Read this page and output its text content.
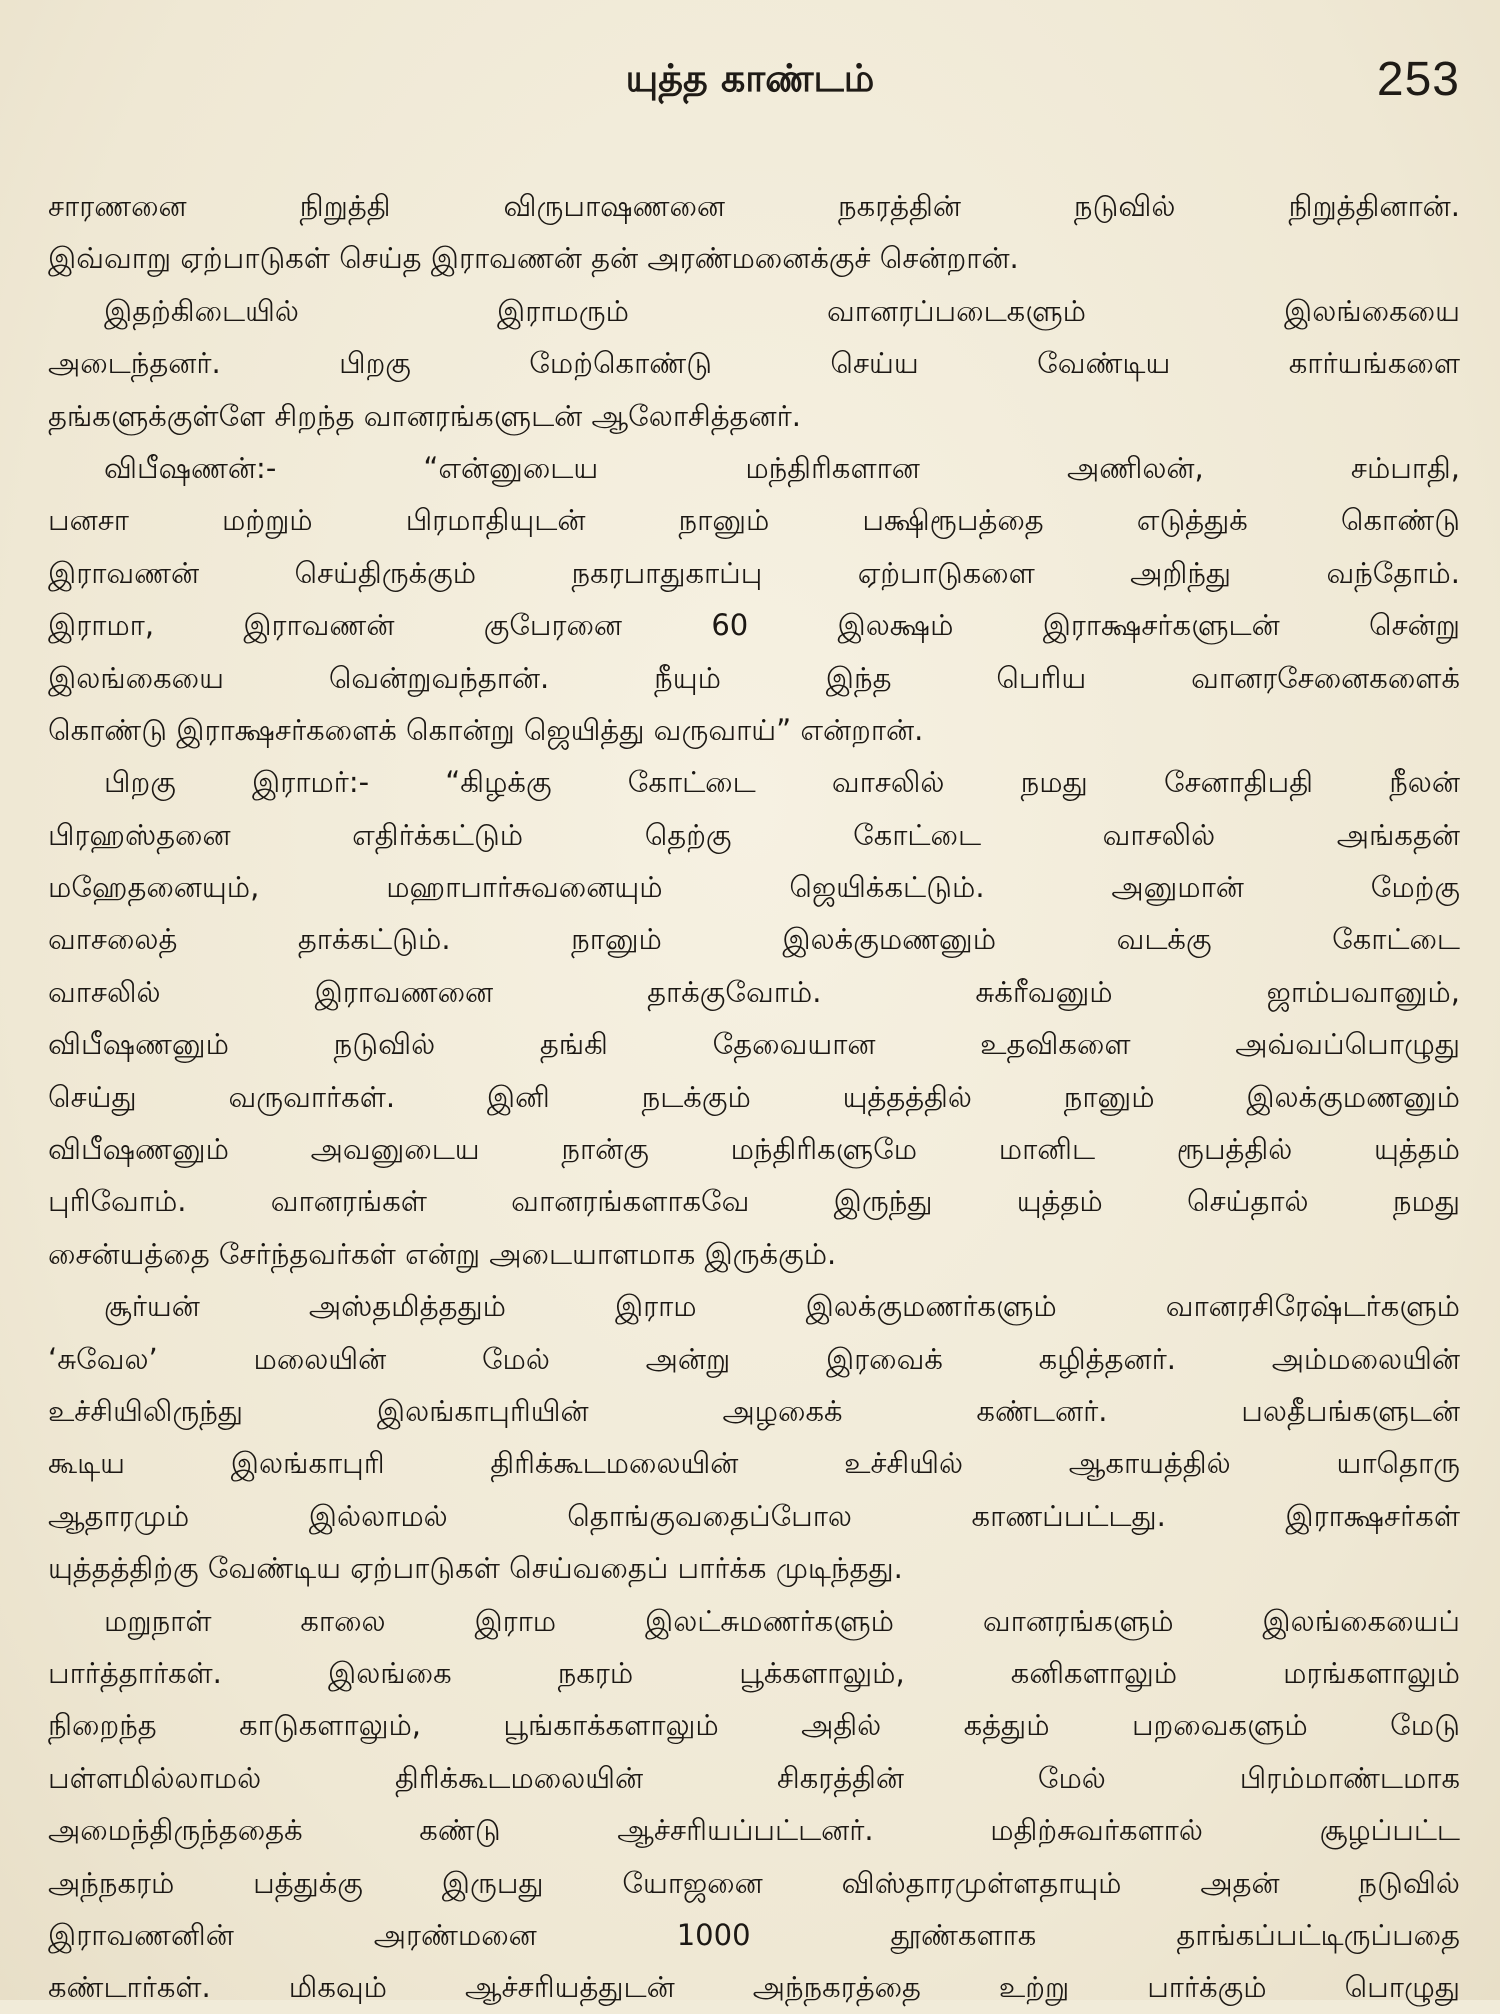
யுத்த காண்டம்	253
சாரணனை நிறுத்தி விருபாஷணனை நகரத்தின் நடுவில் நிறுத்தினான்.
இவ்வாறு ஏற்பாடுகள் செய்த இராவணன் தன் அரண்மனைக்குச் சென்றான்.
இதற்கிடையில் இராமரும் வானரப்படைகளும் இலங்கையை
அடைந்தனர். பிறகு மேற்கொண்டு செய்ய வேண்டிய கார்யங்களை
தங்களுக்குள்ளே சிறந்த வானரங்களுடன் ஆலோசித்தனர்.
விபீஷணன்:- “என்னுடைய மந்திரிகளான அணிலன், சம்பாதி,
பனசா மற்றும் பிரமாதியுடன் நானும் பக்ஷிரூபத்தை எடுத்துக் கொண்டு
இராவணன் செய்திருக்கும் நகரபாதுகாப்பு ஏற்பாடுகளை அறிந்து வந்தோம்.
இராமா, இராவணன் குபேரனை 60 இலக்ஷம் இராக்ஷசர்களுடன் சென்று
இலங்கையை வென்றுவந்தான். நீயும் இந்த பெரிய வானரசேனைகளைக்
கொண்டு இராக்ஷசர்களைக் கொன்று ஜெயித்து வருவாய்” என்றான்.
பிறகு இராமர்:- “கிழக்கு கோட்டை வாசலில் நமது சேனாதிபதி நீலன்
பிரஹஸ்தனை எதிர்க்கட்டும் தெற்கு கோட்டை வாசலில் அங்கதன்
மஹேதனையும், மஹாபார்சுவனையும் ஜெயிக்கட்டும். அனுமான் மேற்கு
வாசலைத் தாக்கட்டும். நானும் இலக்குமணனும் வடக்கு கோட்டை
வாசலில் இராவணனை தாக்குவோம். சுக்ரீவனும் ஜாம்பவானும்,
விபீஷணனும் நடுவில் தங்கி தேவையான உதவிகளை அவ்வப்பொழுது
செய்து வருவார்கள். இனி நடக்கும் யுத்தத்தில் நானும் இலக்குமணனும்
விபீஷணனும் அவனுடைய நான்கு மந்திரிகளுமே மானிட ரூபத்தில் யுத்தம்
புரிவோம். வானரங்கள் வானரங்களாகவே இருந்து யுத்தம் செய்தால் நமது
சைன்யத்தை சேர்ந்தவர்கள் என்று அடையாளமாக இருக்கும்.
சூர்யன் அஸ்தமித்ததும் இராம இலக்குமணர்களும் வானரசிரேஷ்டர்களும்
‘சுவேல’ மலையின் மேல் அன்று இரவைக் கழித்தனர். அம்மலையின்
உச்சியிலிருந்து இலங்காபுரியின் அழகைக் கண்டனர். பலதீபங்களுடன்
கூடிய இலங்காபுரி திரிக்கூடமலையின் உச்சியில் ஆகாயத்தில் யாதொரு
ஆதாரமும் இல்லாமல் தொங்குவதைப்போல காணப்பட்டது. இராக்ஷசர்கள்
யுத்தத்திற்கு வேண்டிய ஏற்பாடுகள் செய்வதைப் பார்க்க முடிந்தது.
மறுநாள் காலை இராம இலட்சுமணர்களும் வானரங்களும் இலங்கையைப்
பார்த்தார்கள். இலங்கை நகரம் பூக்களாலும், கனிகளாலும் மரங்களாலும்
நிறைந்த காடுகளாலும், பூங்காக்களாலும் அதில் கத்தும் பறவைகளும் மேடு
பள்ளமில்லாமல் திரிக்கூடமலையின் சிகரத்தின் மேல் பிரம்மாண்டமாக
அமைந்திருந்ததைக் கண்டு ஆச்சரியப்பட்டனர். மதிற்சுவர்களால் சூழப்பட்ட
அந்நகரம் பத்துக்கு இருபது யோஜனை விஸ்தாரமுள்ளதாயும் அதன் நடுவில்
இராவணனின் அரண்மனை 1000 தூண்களாக தாங்கப்பட்டிருப்பதை
கண்டார்கள். மிகவும் ஆச்சரியத்துடன் அந்நகரத்தை உற்று பார்க்கும் பொழுது
